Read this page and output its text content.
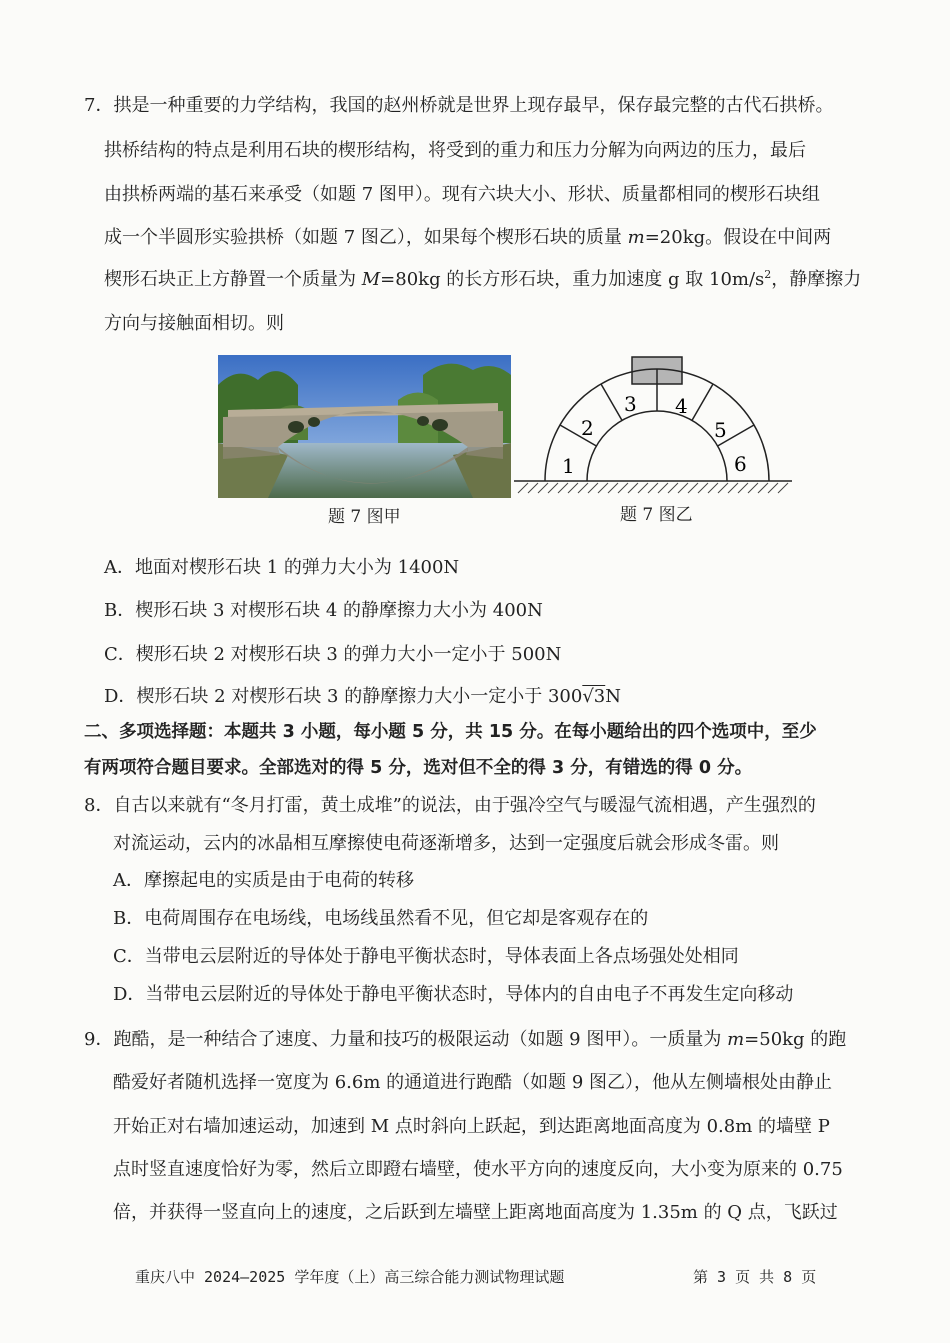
7．拱是一种重要的力学结构，我国的赵州桥就是世界上现存最早，保存最完整的古代石拱桥。
拱桥结构的特点是利用石块的楔形结构，将受到的重力和压力分解为向两边的压力，最后
由拱桥两端的基石来承受（如题 7 图甲）。现有六块大小、形状、质量都相同的楔形石块组
成一个半圆形实验拱桥（如题 7 图乙），如果每个楔形石块的质量 m=20kg。假设在中间两
楔形石块正上方静置一个质量为 M=80kg 的长方形石块，重力加速度 g 取 $10m/s^2$，静摩擦力
方向与接触面相切。则
1
2
3 4
5
6
题 7 图甲	题 7 图乙
A．地面对楔形石块 1 的弹力大小为 1400N
B．楔形石块 3 对楔形石块 4 的静摩擦力大小为 400N
C．楔形石块 2 对楔形石块 3 的弹力大小一定小于 500N
D．楔形石块 2 对楔形石块 3 的静摩擦力大小一定小于 300√3N
二、多项选择题：本题共 3 小题，每小题 5 分，共 15 分。在每小题给出的四个选项中，至少
有两项符合题目要求。全部选对的得 5 分，选对但不全的得 3 分，有错选的得 0 分。
8．自古以来就有“冬月打雷，黄土成堆”的说法，由于强冷空气与暖湿气流相遇，产生强烈的
对流运动，云内的冰晶相互摩擦使电荷逐渐增多，达到一定强度后就会形成冬雷。则
A．摩擦起电的实质是由于电荷的转移
B．电荷周围存在电场线，电场线虽然看不见，但它却是客观存在的
C．当带电云层附近的导体处于静电平衡状态时，导体表面上各点场强处处相同
D．当带电云层附近的导体处于静电平衡状态时，导体内的自由电子不再发生定向移动
9．跑酷，是一种结合了速度、力量和技巧的极限运动（如题 9 图甲）。一质量为 m=50kg 的跑
酷爱好者随机选择一宽度为 6.6m 的通道进行跑酷（如题 9 图乙），他从左侧墙根处由静止
开始正对右墙加速运动，加速到 M 点时斜向上跃起，到达距离地面高度为 0.8m 的墙壁 P
点时竖直速度恰好为零，然后立即蹬右墙壁，使水平方向的速度反向，大小变为原来的 0.75
倍，并获得一竖直向上的速度，之后跃到左墙壁上距离地面高度为 1.35m 的 Q 点，飞跃过
重庆八中 2024—2025 学年度（上）高三综合能力测试物理试题	第 3 页 共 8 页
